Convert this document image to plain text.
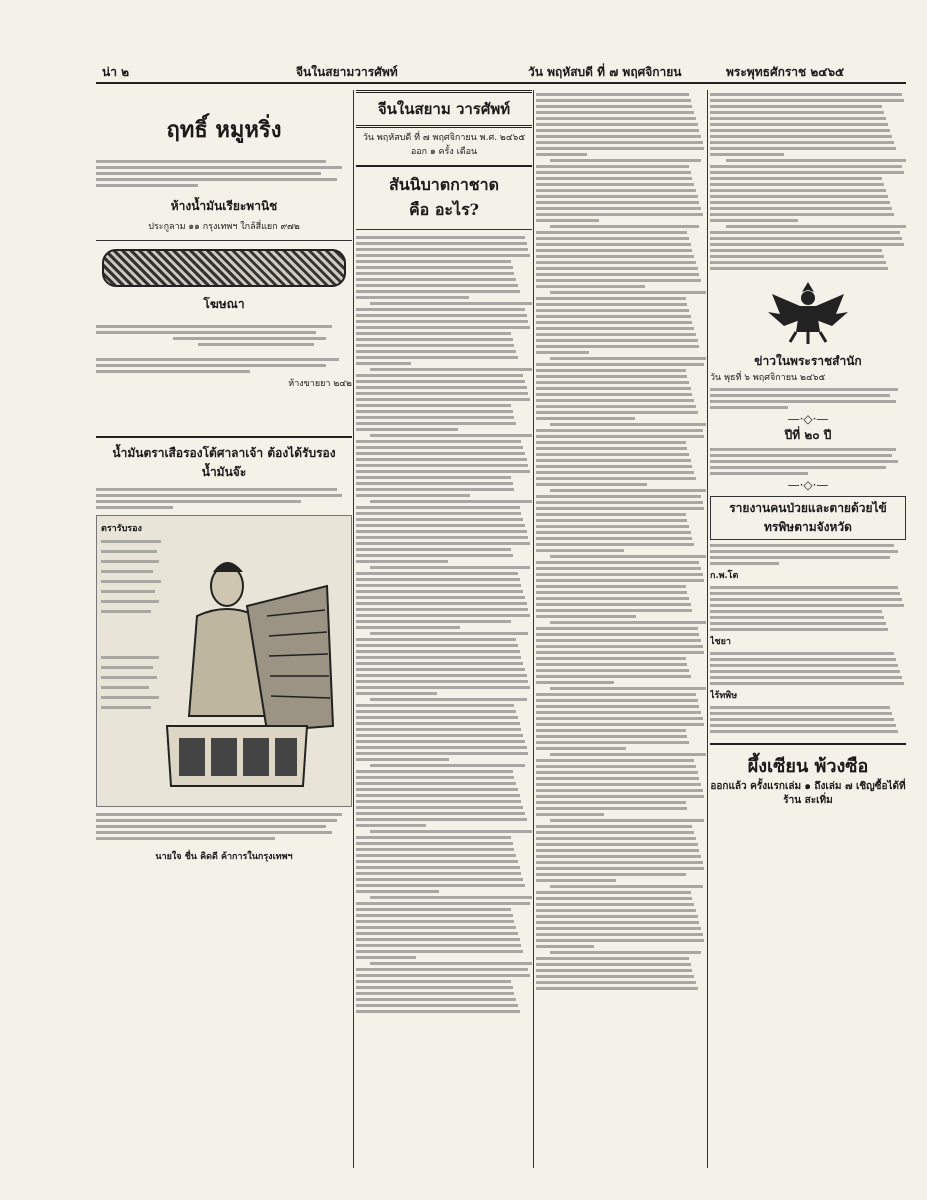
น่า ๒	จีนในสยามวารศัพท์	วัน พฤหัสบดี ที่ ๗ พฤศจิกายน	พระพุทธศักราช ๒๔๖๕
ฤทธิ์ หมูหริ่ง
ห้างน้ำมันเรียะพานิช
ประกูลาม ๑๑ กรุงเทพฯ ใกล้สี่แยก ๙๗๒
โฆษณา
ห้างขายยา ๒๔๒
น้ำมันตราเสือรองโต้ศาลาเจ้า ต้องได้รับรอง
น้ำมันจ๊ะ
ตรารับรอง
นายใจ ชื่น คิดดี ค้าการในกรุงเทพฯ
จีนในสยาม วารศัพท์
วัน พฤหัสบดี ที่ ๗ พฤศจิกายน พ.ศ. ๒๔๖๕
ออก ๑ ครั้ง เดือน
สันนิบาตกาชาด
คือ อะไร?
ข่าวในพระราชสำนัก
วัน พุธที่ ๖ พฤศจิกายน ๒๔๖๕
—·◇·—
ปีที่ ๒๐ ปี
—·◇·—
รายงานคนป่วยและตายด้วยไข้ทรพิษตามจังหวัด
ก.พ.โต
ไชยา
ไร้ทพิษ
ผึ้งเซียน พ้วงซือ
ออกแล้ว ครั้งแรกเล่ม ๑ ถึงเล่ม ๗ เชิญซื้อได้ที่ ร้าน สะเทิ่ม
